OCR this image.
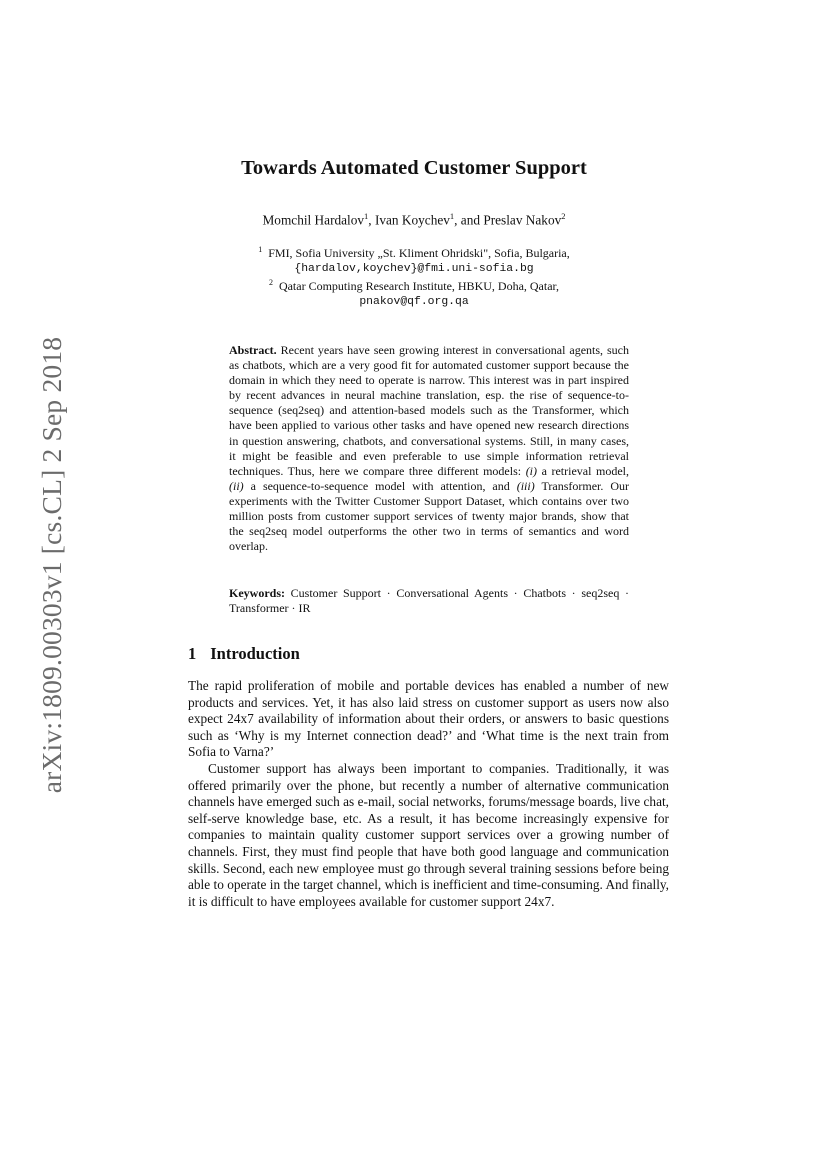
arXiv:1809.00303v1 [cs.CL] 2 Sep 2018
Towards Automated Customer Support
Momchil Hardalov$^1$, Ivan Koychev$^1$, and Preslav Nakov$^2$
$^1$ FMI, Sofia University „St. Kliment Ohridski", Sofia, Bulgaria,
{hardalov,koychev}@fmi.uni-sofia.bg
$^2$ Qatar Computing Research Institute, HBKU, Doha, Qatar,
pnakov@qf.org.qa
Abstract. Recent years have seen growing interest in conversational agents, such as chatbots, which are a very good fit for automated customer support because the domain in which they need to operate is narrow. This interest was in part inspired by recent advances in neural machine translation, esp. the rise of sequence-to-sequence (seq2seq) and attention-based models such as the Transformer, which have been applied to various other tasks and have opened new research directions in question answering, chatbots, and conversational systems. Still, in many cases, it might be feasible and even preferable to use simple information retrieval techniques. Thus, here we compare three different models: (i) a retrieval model, (ii) a sequence-to-sequence model with attention, and (iii) Transformer. Our experiments with the Twitter Customer Support Dataset, which contains over two million posts from customer support services of twenty major brands, show that the seq2seq model outperforms the other two in terms of semantics and word overlap.
Keywords: Customer Support · Conversational Agents · Chatbots · seq2seq · Transformer · IR
1 Introduction
The rapid proliferation of mobile and portable devices has enabled a number of new products and services. Yet, it has also laid stress on customer support as users now also expect 24x7 availability of information about their orders, or answers to basic questions such as ‘Why is my Internet connection dead?’ and ‘What time is the next train from Sofia to Varna?’
Customer support has always been important to companies. Traditionally, it was offered primarily over the phone, but recently a number of alternative communication channels have emerged such as e-mail, social networks, forums/message boards, live chat, self-serve knowledge base, etc. As a result, it has become increasingly expensive for companies to maintain quality customer support services over a growing number of channels. First, they must find people that have both good language and communication skills. Second, each new employee must go through several training sessions before being able to operate in the target channel, which is inefficient and time-consuming. And finally, it is difficult to have employees available for customer support 24x7.
